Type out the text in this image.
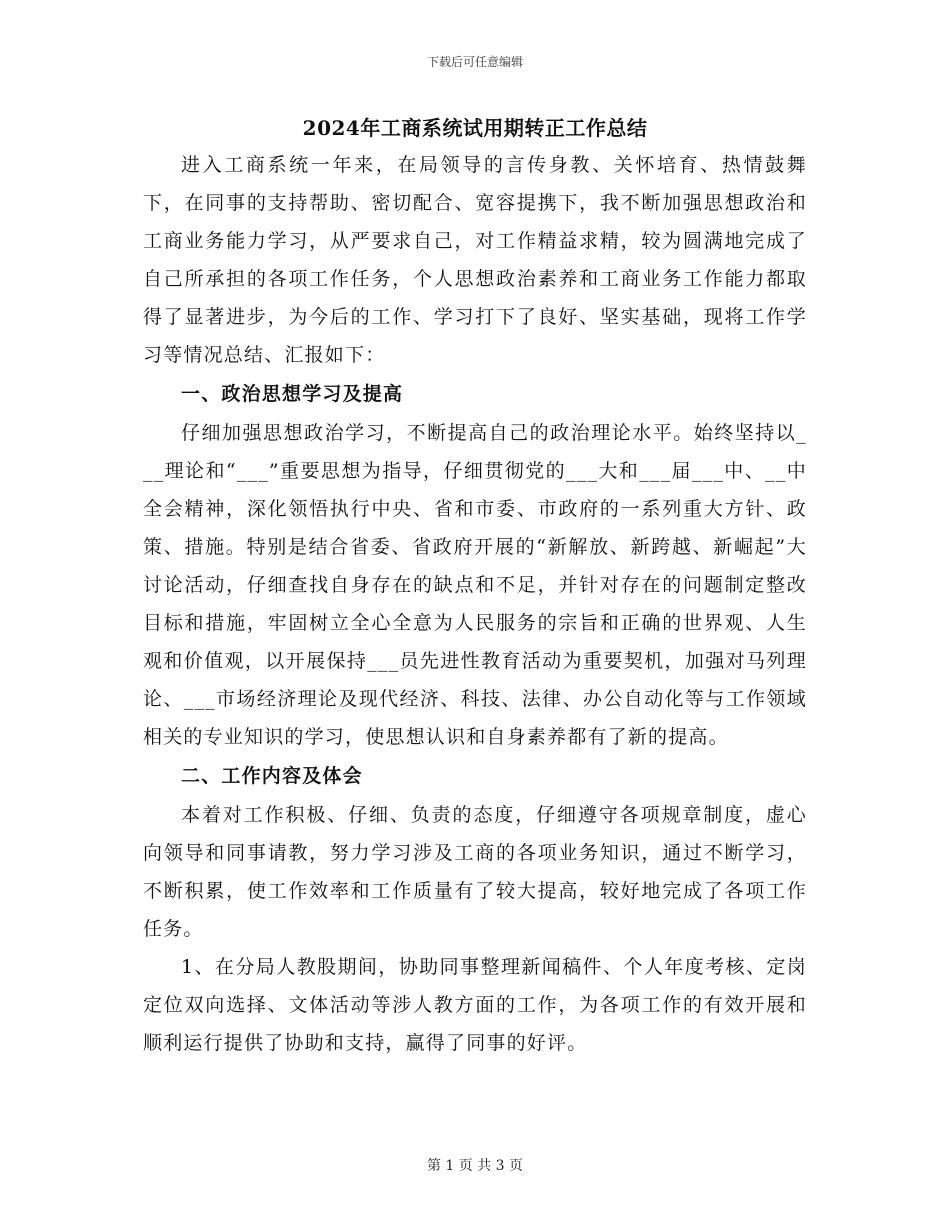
下载后可任意编辑
2024年工商系统试用期转正工作总结

进入工商系统一年来，在局领导的言传身教、关怀培育、热情鼓舞下，在同事的支持帮助、密切配合、宽容提携下，我不断加强思想政治和工商业务能力学习，从严要求自己，对工作精益求精，较为圆满地完成了自己所承担的各项工作任务，个人思想政治素养和工商业务工作能力都取得了显著进步，为今后的工作、学习打下了良好、坚实基础，现将工作学习等情况总结、汇报如下：

一、政治思想学习及提高

仔细加强思想政治学习，不断提高自己的政治理论水平。始终坚持以___理论和“___”重要思想为指导，仔细贯彻党的___大和___届___中、__中全会精神，深化领悟执行中央、省和市委、市政府的一系列重大方针、政策、措施。特别是结合省委、省政府开展的“新解放、新跨越、新崛起”大讨论活动，仔细查找自身存在的缺点和不足，并针对存在的问题制定整改目标和措施，牢固树立全心全意为人民服务的宗旨和正确的世界观、人生观和价值观，以开展保持___员先进性教育活动为重要契机，加强对马列理论、___市场经济理论及现代经济、科技、法律、办公自动化等与工作领域相关的专业知识的学习，使思想认识和自身素养都有了新的提高。

二、工作内容及体会

本着对工作积极、仔细、负责的态度，仔细遵守各项规章制度，虚心向领导和同事请教，努力学习涉及工商的各项业务知识，通过不断学习，不断积累，使工作效率和工作质量有了较大提高，较好地完成了各项工作任务。

1、在分局人教股期间，协助同事整理新闻稿件、个人年度考核、定岗定位双向选择、文体活动等涉人教方面的工作，为各项工作的有效开展和顺利运行提供了协助和支持，赢得了同事的好评。

第 1 页 共 3 页
